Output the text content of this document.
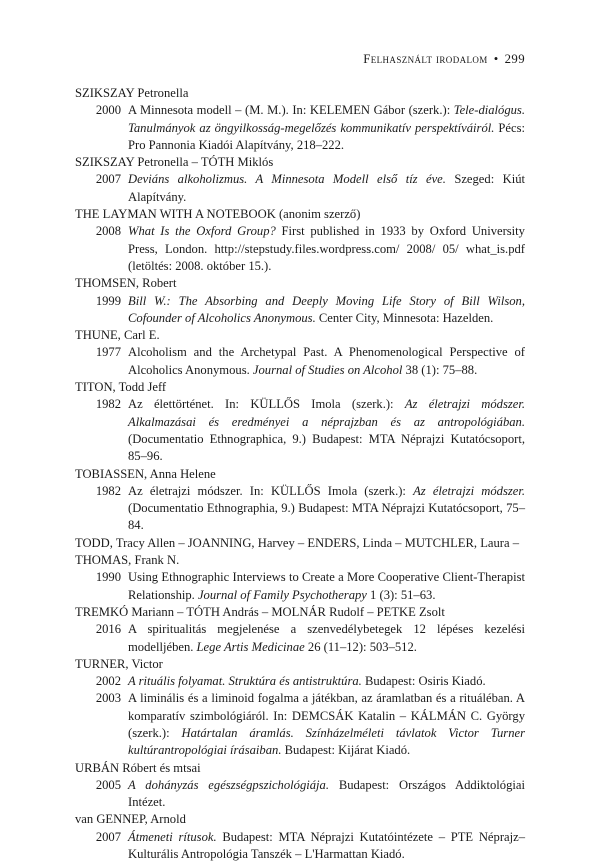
Felhasznált irodalom • 299

SZIKSZAY Petronella

2000 A Minnesota modell – (M. M.). In: KELEMEN Gábor (szerk.): Tele-dialógus. Tanulmányok az öngyilkosság-megelőzés kommunikatív perspektíváiról. Pécs: Pro Pannonia Kiadói Alapítvány, 218–222.

SZIKSZAY Petronella – TÓTH Miklós

2007 Deviáns alkoholizmus. A Minnesota Modell első tíz éve. Szeged: Kiút Alapítvány.

THE LAYMAN WITH A NOTEBOOK (anonim szerző)

2008 What Is the Oxford Group? First published in 1933 by Oxford University Press, London. http://stepstudy.files.wordpress.com/ 2008/ 05/ what_is.pdf (letöltés: 2008. október 15.).

THOMSEN, Robert

1999 Bill W.: The Absorbing and Deeply Moving Life Story of Bill Wilson, Cofounder of Alcoholics Anonymous. Center City, Minnesota: Hazelden.

THUNE, Carl E.

1977 Alcoholism and the Archetypal Past. A Phenomenological Perspective of Alcoholics Anonymous. Journal of Studies on Alcohol 38 (1): 75–88.

TITON, Todd Jeff

1982 Az élettörténet. In: KÜLLŐS Imola (szerk.): Az életrajzi módszer. Alkalmazásai és eredményei a néprajzban és az antropológiában. (Documentatio Ethnographica, 9.) Budapest: MTA Néprajzi Kutatócsoport, 85–96.

TOBIASSEN, Anna Helene

1982 Az életrajzi módszer. In: KÜLLŐS Imola (szerk.): Az életrajzi módszer. (Documentatio Ethnographia, 9.) Budapest: MTA Néprajzi Kutatócsoport, 75–84.

TODD, Tracy Allen – JOANNING, Harvey – ENDERS, Linda – MUTCHLER, Laura – THOMAS, Frank N.

1990 Using Ethnographic Interviews to Create a More Cooperative Client-Therapist Relationship. Journal of Family Psychotherapy 1 (3): 51–63.

TREMKÓ Mariann – TÓTH András – MOLNÁR Rudolf – PETKE Zsolt

2016 A spiritualitás megjelenése a szenvedélybetegek 12 lépéses kezelési modelljében. Lege Artis Medicinae 26 (11–12): 503–512.

TURNER, Victor

2002 A rituális folyamat. Struktúra és antistruktúra. Budapest: Osiris Kiadó.
2003 A liminális és a liminoid fogalma a játékban, az áramlatban és a rituáléban. A komparatív szimbológiáról. In: DEMCSÁK Katalin – KÁLMÁN C. György (szerk.): Határtalan áramlás. Színházelméleti távlatok Victor Turner kultúrantropológiai írásaiban. Budapest: Kijárat Kiadó.

URBÁN Róbert és mtsai

2005 A dohányzás egészségpszichológiája. Budapest: Országos Addiktológiai Intézet.

van GENNEP, Arnold

2007 Átmeneti rítusok. Budapest: MTA Néprajzi Kutatóintézete – PTE Néprajz–Kulturális Antropológia Tanszék – L'Harmattan Kiadó.
